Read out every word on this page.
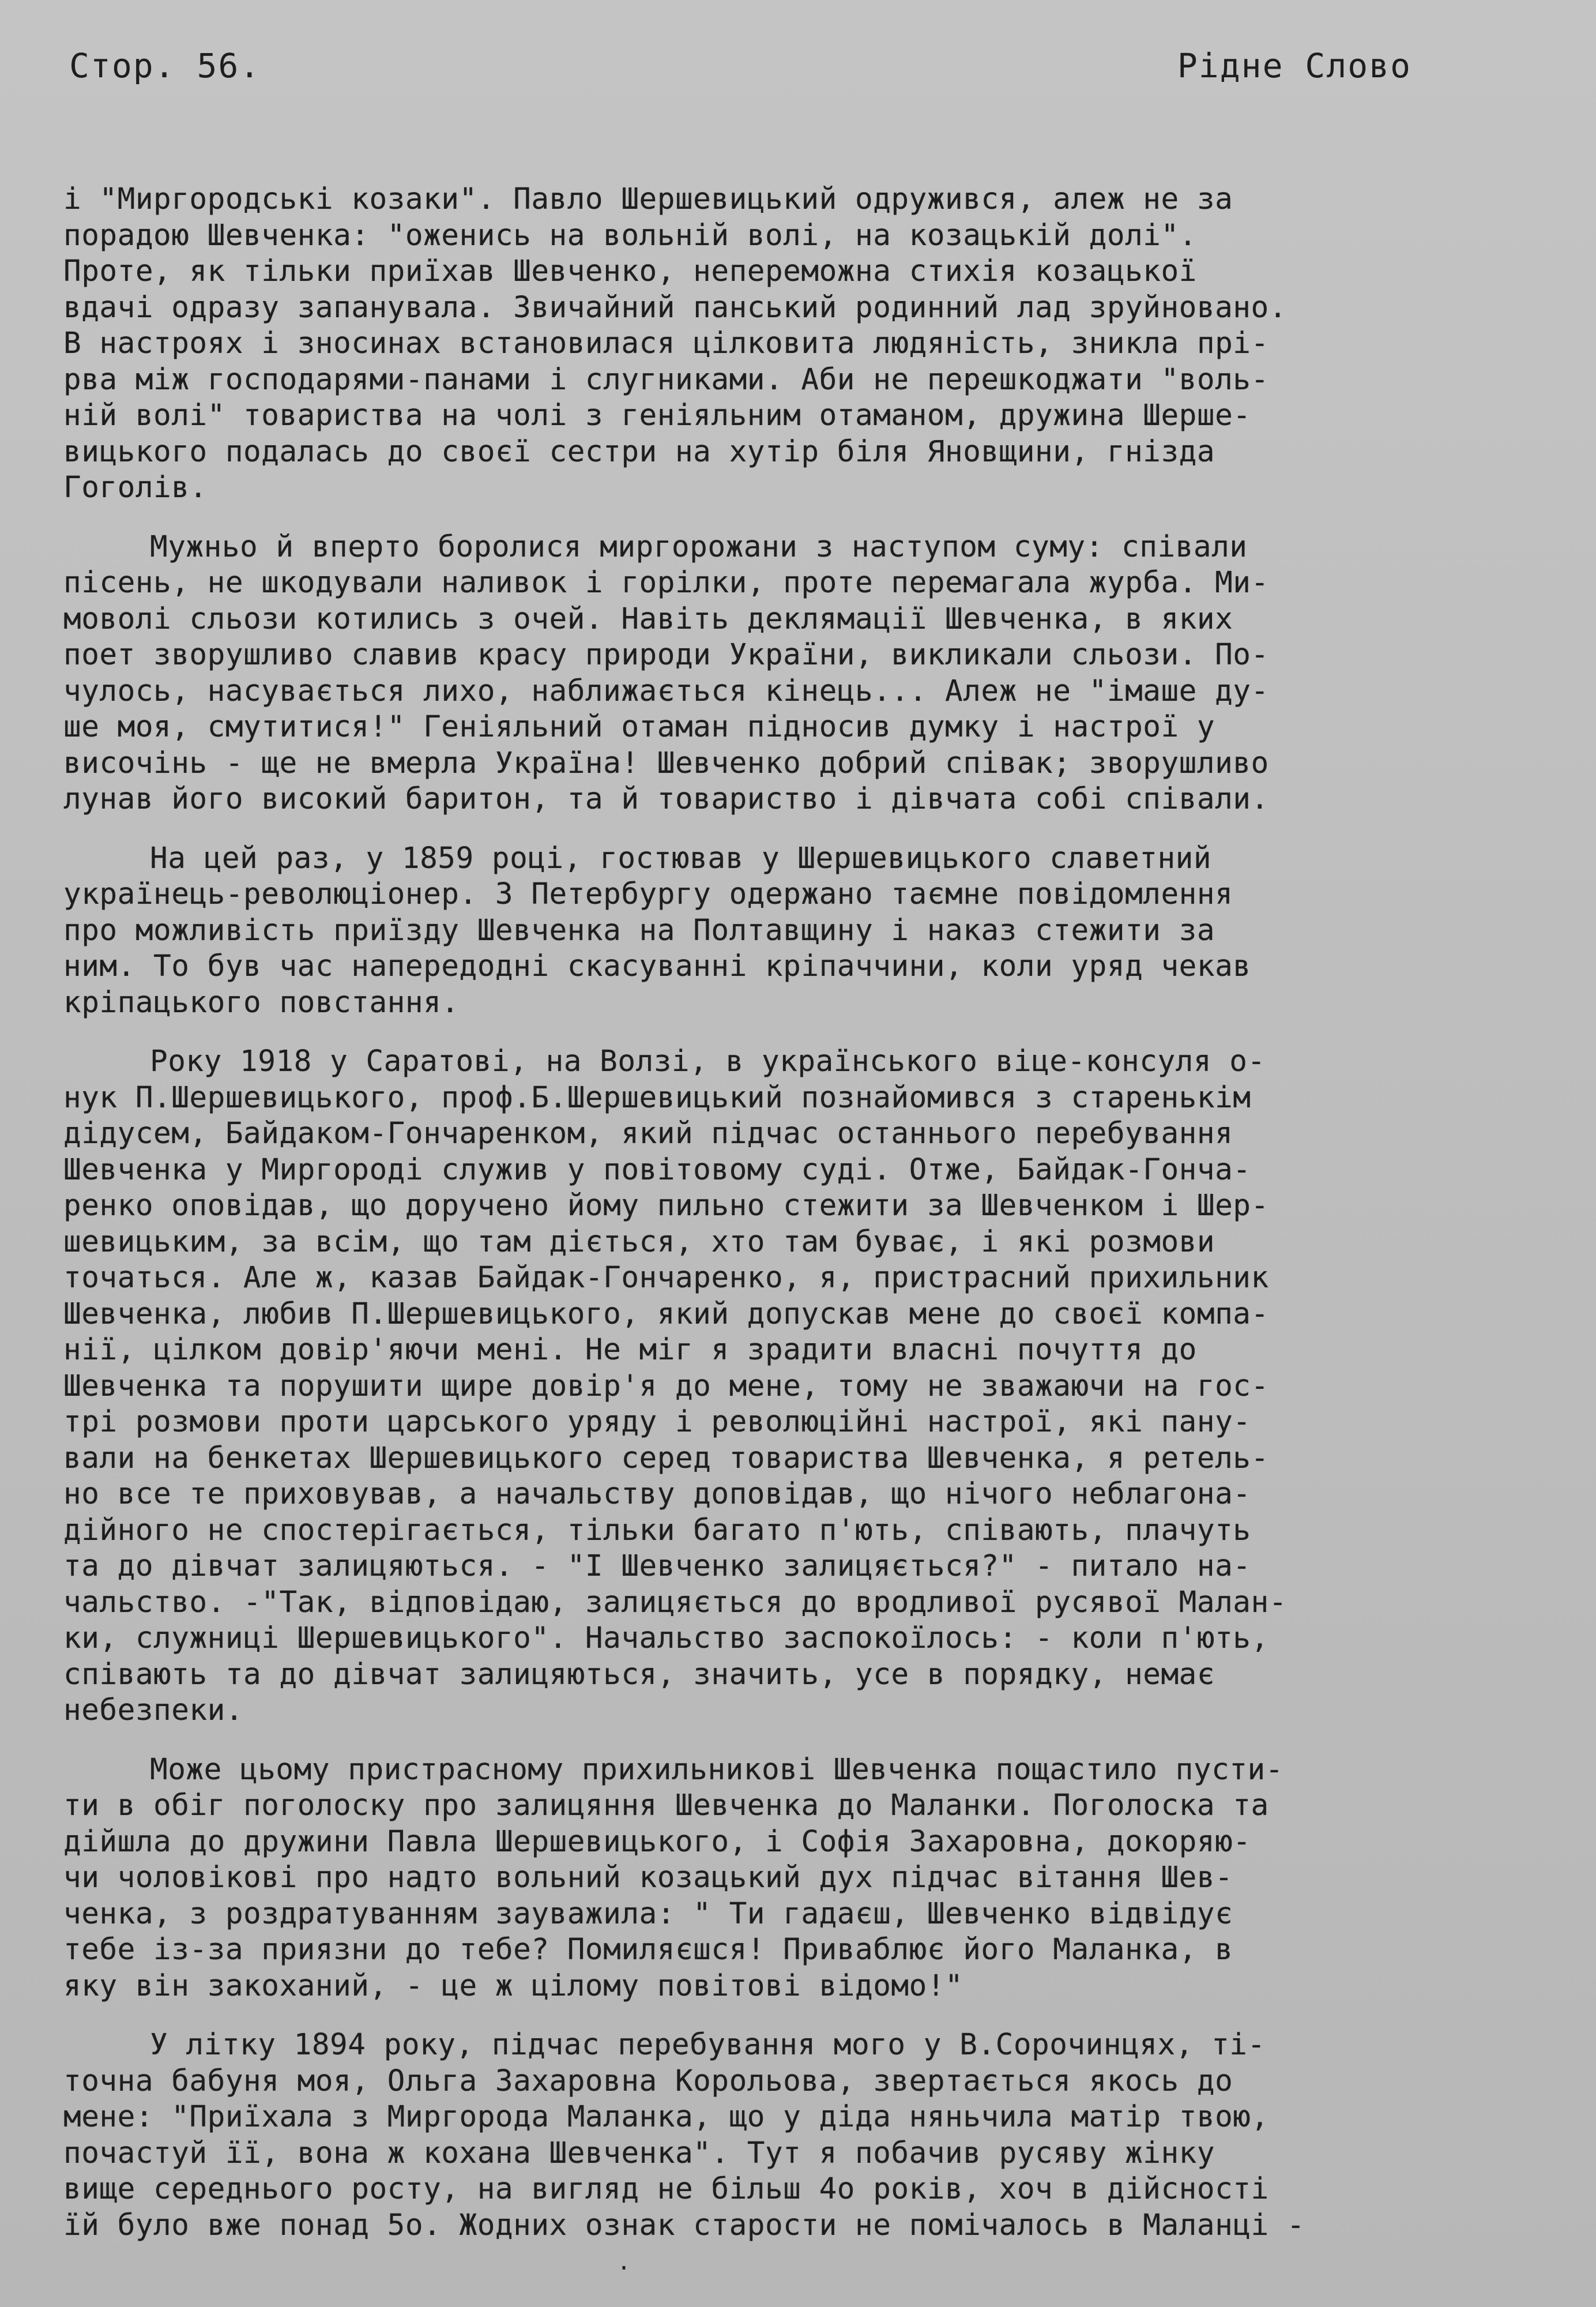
Стор. 56.	Рідне Слово
і "Миргородські козаки". Павло Шершевицький одружився, алеж не за
порадою Шевченка: "оженись на вольній волі, на козацькій долі".
Проте, як тільки приїхав Шевченко, непереможна стихія козацької
вдачі одразу запанувала. Звичайний панський родинний лад зруйновано.
В настроях і зносинах встановилася цілковита людяність, зникла прі-
рва між господарями-панами і слугниками. Аби не перешкоджати "воль-
ній волі" товариства на чолі з геніяльним отаманом, дружина Шерше-
вицького подалась до своєї сестри на хутір біля Яновщини, гнізда
Гоголів.
Мужньо й вперто боролися миргорожани з наступом суму: співали
пісень, не шкодували наливок і горілки, проте перемагала журба. Ми-
моволі сльози котились з очей. Навіть деклямації Шевченка, в яких
поет зворушливо славив красу природи України, викликали сльози. По-
чулось, насувається лихо, наближається кінець... Алеж не "імаше ду-
ше моя, смутитися!" Геніяльний отаман підносив думку і настрої у
височінь - ще не вмерла Україна! Шевченко добрий співак; зворушливо
лунав його високий баритон, та й товариство і дівчата собі співали.
На цей раз, у 1859 році, гостював у Шершевицького славетний
українець-революціонер. З Петербургу одержано таємне повідомлення
про можливість приїзду Шевченка на Полтавщину і наказ стежити за
ним. То був час напередодні скасуванні кріпаччини, коли уряд чекав
кріпацького повстання.
Року 1918 у Саратові, на Волзі, в українського віце-консуля о-
нук П.Шершевицького, проф.Б.Шершевицький познайомився з старенькім
дідусем, Байдаком-Гончаренком, який підчас останнього перебування
Шевченка у Миргороді служив у повітовому суді. Отже, Байдак-Гонча-
ренко оповідав, що доручено йому пильно стежити за Шевченком і Шер-
шевицьким, за всім, що там діється, хто там буває, і які розмови
точаться. Але ж, казав Байдак-Гончаренко, я, пристрасний прихильник
Шевченка, любив П.Шершевицького, який допускав мене до своєї компа-
нії, цілком довір'яючи мені. Не міг я зрадити власні почуття до
Шевченка та порушити щире довір'я до мене, тому не зважаючи на гос-
трі розмови проти царського уряду і революційні настрої, які пану-
вали на бенкетах Шершевицького серед товариства Шевченка, я ретель-
но все те приховував, а начальству доповідав, що нічого неблагона-
дійного не спостерігається, тільки багато п'ють, співають, плачуть
та до дівчат залицяються. - "І Шевченко залицяється?" - питало на-
чальство. -"Так, відповідаю, залицяється до вродливої русявої Малан-
ки, служниці Шершевицького". Начальство заспокоїлось: - коли п'ють,
співають та до дівчат залицяються, значить, усе в порядку, немає
небезпеки.
Може цьому пристрасному прихильникові Шевченка пощастило пусти-
ти в обіг поголоску про залицяння Шевченка до Маланки. Поголоска та
дійшла до дружини Павла Шершевицького, і Софія Захаровна, докоряю-
чи чоловікові про надто вольний козацький дух підчас вітання Шев-
ченка, з роздратуванням зауважила: " Ти гадаєш, Шевченко відвідує
тебе із-за приязни до тебе? Помиляєшся! Приваблює його Маланка, в
яку він закоханий, - це ж цілому повітові відомо!"
У літку 1894 року, підчас перебування мого у В.Сорочинцях, ті-
точна бабуня моя, Ольга Захаровна Корольова, звертається якось до
мене: "Приїхала з Миргорода Маланка, що у діда няньчила матір твою,
почастуй її, вона ж кохана Шевченка". Тут я побачив русяву жінку
вище середнього росту, на вигляд не більш 4о років, хоч в дійсності
їй було вже понад 5о. Жодних ознак старости не помічалось в Маланці -
·
